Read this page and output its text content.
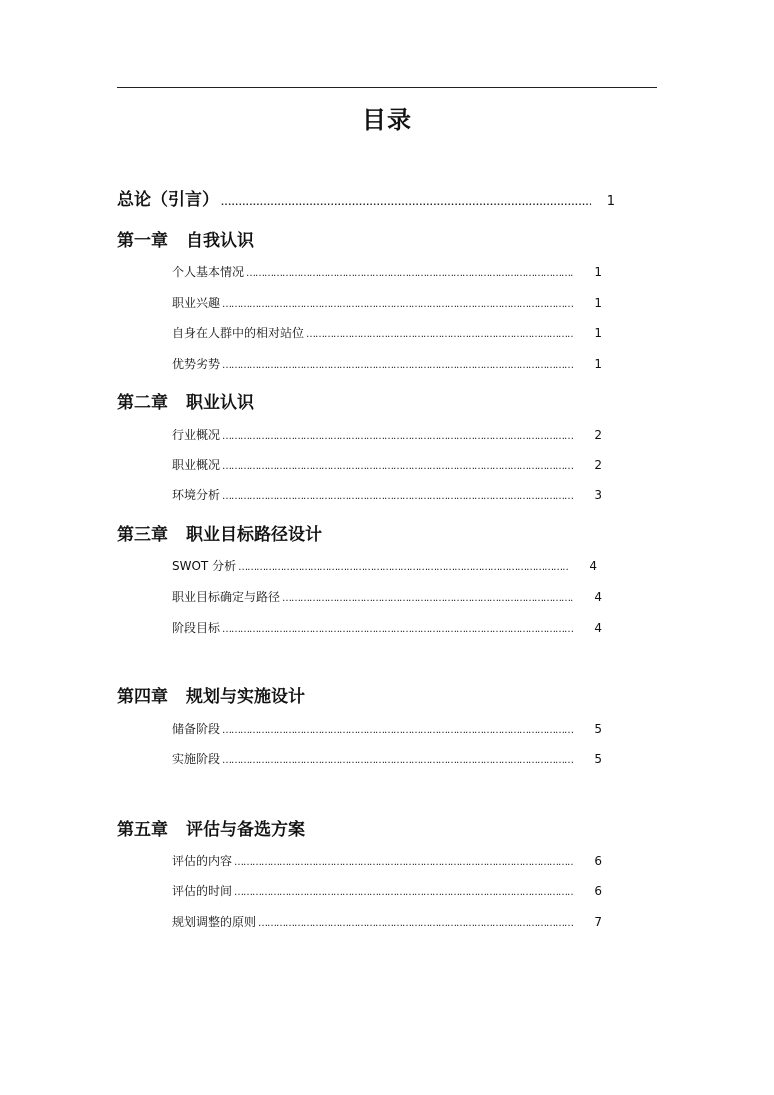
目录
总论（引言） .....	1
第一章 自我认识
个人基本情况 ……………………………………………………………………………………………………………………………………………………………………	1
职业兴趣 ……………………………………………………………………………………………………………………………………………………………………	1
自身在人群中的相对站位 ……………………………………………………………………………………………………………………………………………………………………	1
优势劣势 ……………………………………………………………………………………………………………………………………………………………………	1
第二章 职业认识
行业概况 ……………………………………………………………………………………………………………………………………………………………………	2
职业概况 ……………………………………………………………………………………………………………………………………………………………………	2
环境分析 ……………………………………………………………………………………………………………………………………………………………………	3
第三章 职业目标路径设计
SWOT 分析 ……………………………………………………………………………………………………………………………………………………………………	4
职业目标确定与路径 ……………………………………………………………………………………………………………………………………………………………………	4
阶段目标 ……………………………………………………………………………………………………………………………………………………………………	4
第四章 规划与实施设计
储备阶段 ……………………………………………………………………………………………………………………………………………………………………	5
实施阶段 ……………………………………………………………………………………………………………………………………………………………………	5
第五章 评估与备选方案
评估的内容 ……………………………………………………………………………………………………………………………………………………………………	6
评估的时间 ……………………………………………………………………………………………………………………………………………………………………	6
规划调整的原则 ……………………………………………………………………………………………………………………………………………………………………	7
